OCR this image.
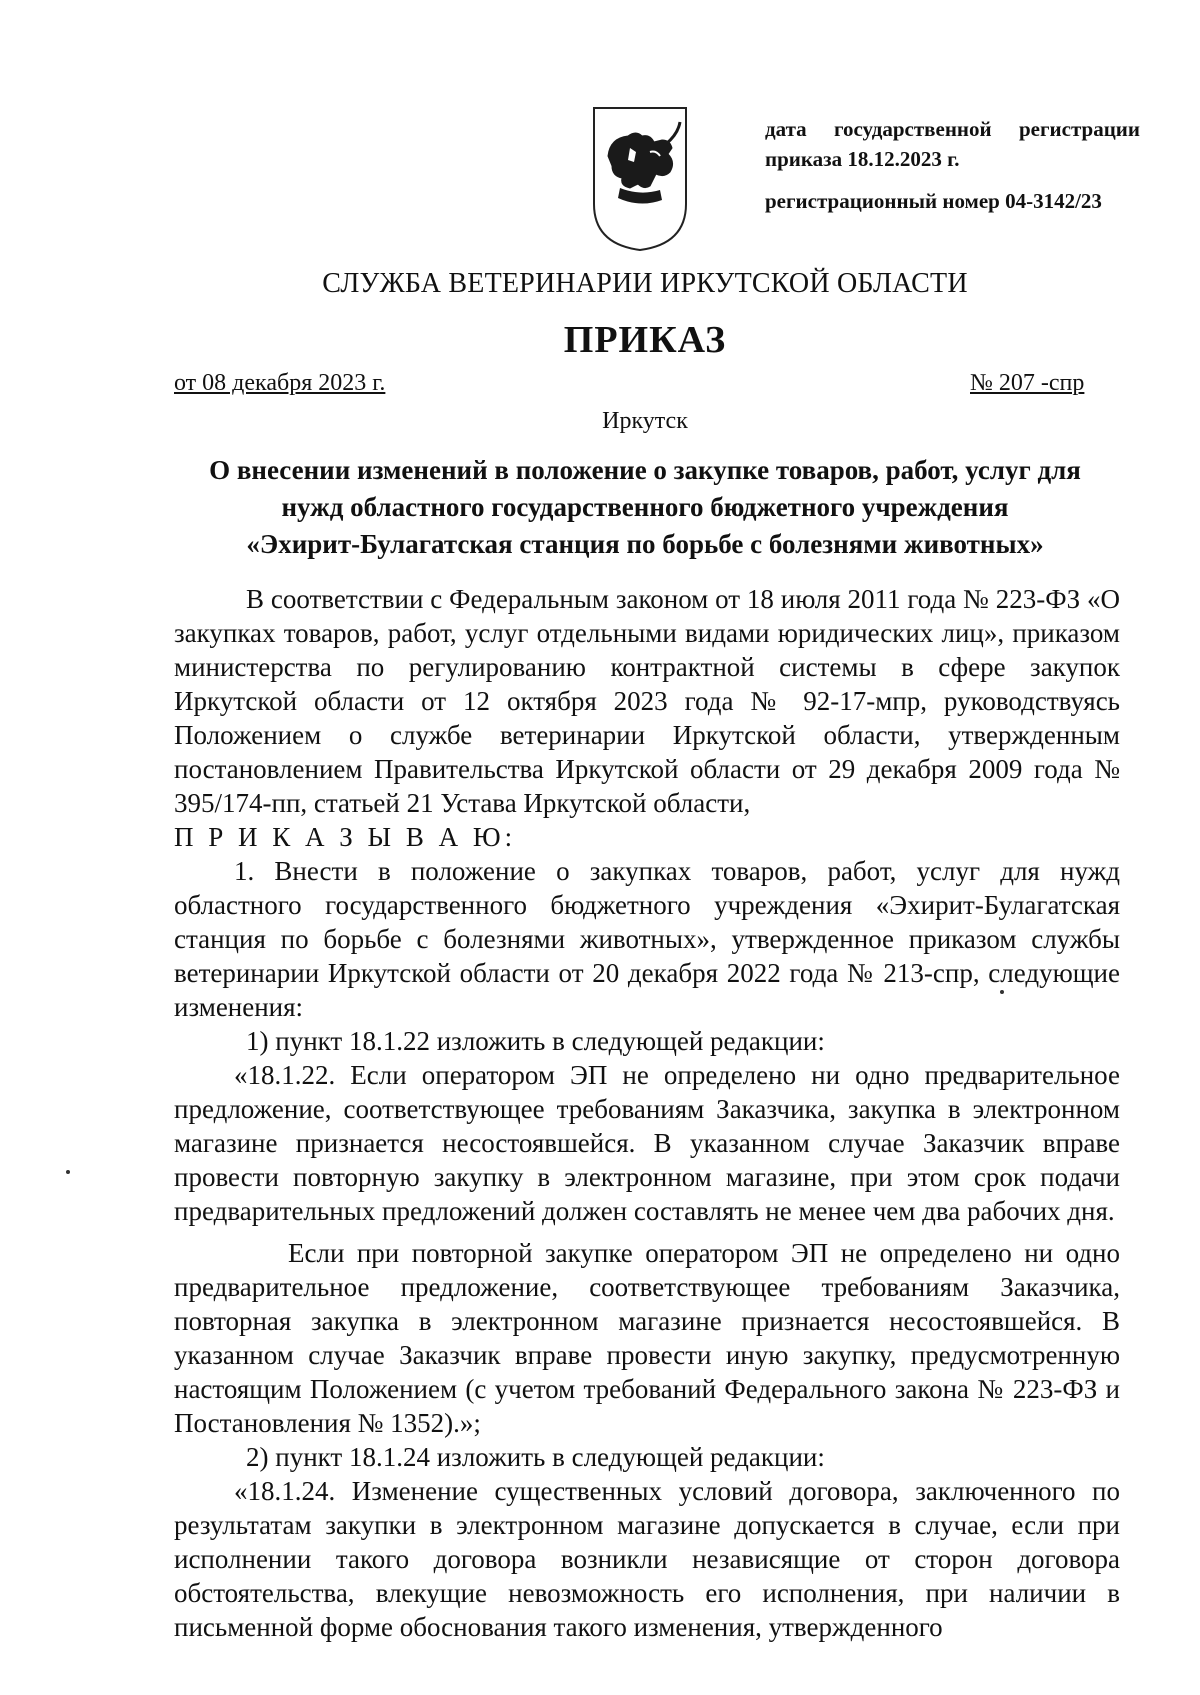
дата государственной регистрации
приказа 18.12.2023 г.
регистрационный номер 04-3142/23
СЛУЖБА ВЕТЕРИНАРИИ ИРКУТСКОЙ ОБЛАСТИ
ПРИКАЗ
от 08 декабря 2023 г.	№ 207 -спр
Иркутск
О внесении изменений в положение о закупке товаров, работ, услуг для
нужд областного государственного бюджетного учреждения
«Эхирит-Булагатская станция по борьбе с болезнями животных»

В соответствии с Федеральным законом от 18 июля 2011 года № 223-ФЗ «О закупках товаров, работ, услуг отдельными видами юридических лиц», приказом министерства по регулированию контрактной системы в сфере закупок Иркутской области от 12 октября 2023 года № 92-17-мпр, руководствуясь Положением о службе ветеринарии Иркутской области, утвержденным постановлением Правительства Иркутской области от 29 декабря 2009 года № 395/174-пп, статьей 21 Устава Иркутской области,

П Р И К А З Ы В А Ю:

1. Внести в положение о закупках товаров, работ, услуг для нужд областного государственного бюджетного учреждения «Эхирит-Булагатская станция по борьбе с болезнями животных», утвержденное приказом службы ветеринарии Иркутской области от 20 декабря 2022 года № 213-спр, следующие изменения:

1) пункт 18.1.22 изложить в следующей редакции:

«18.1.22. Если оператором ЭП не определено ни одно предварительное предложение, соответствующее требованиям Заказчика, закупка в электронном магазине признается несостоявшейся. В указанном случае Заказчик вправе провести повторную закупку в электронном магазине, при этом срок подачи предварительных предложений должен составлять не менее чем два рабочих дня.

Если при повторной закупке оператором ЭП не определено ни одно предварительное предложение, соответствующее требованиям Заказчика, повторная закупка в электронном магазине признается несостоявшейся. В указанном случае Заказчик вправе провести иную закупку, предусмотренную настоящим Положением (с учетом требований Федерального закона № 223-ФЗ и Постановления № 1352).»;

2) пункт 18.1.24 изложить в следующей редакции:

«18.1.24. Изменение существенных условий договора, заключенного по результатам закупки в электронном магазине допускается в случае, если при исполнении такого договора возникли независящие от сторон договора обстоятельства, влекущие невозможность его исполнения, при наличии в письменной форме обоснования такого изменения, утвержденного
